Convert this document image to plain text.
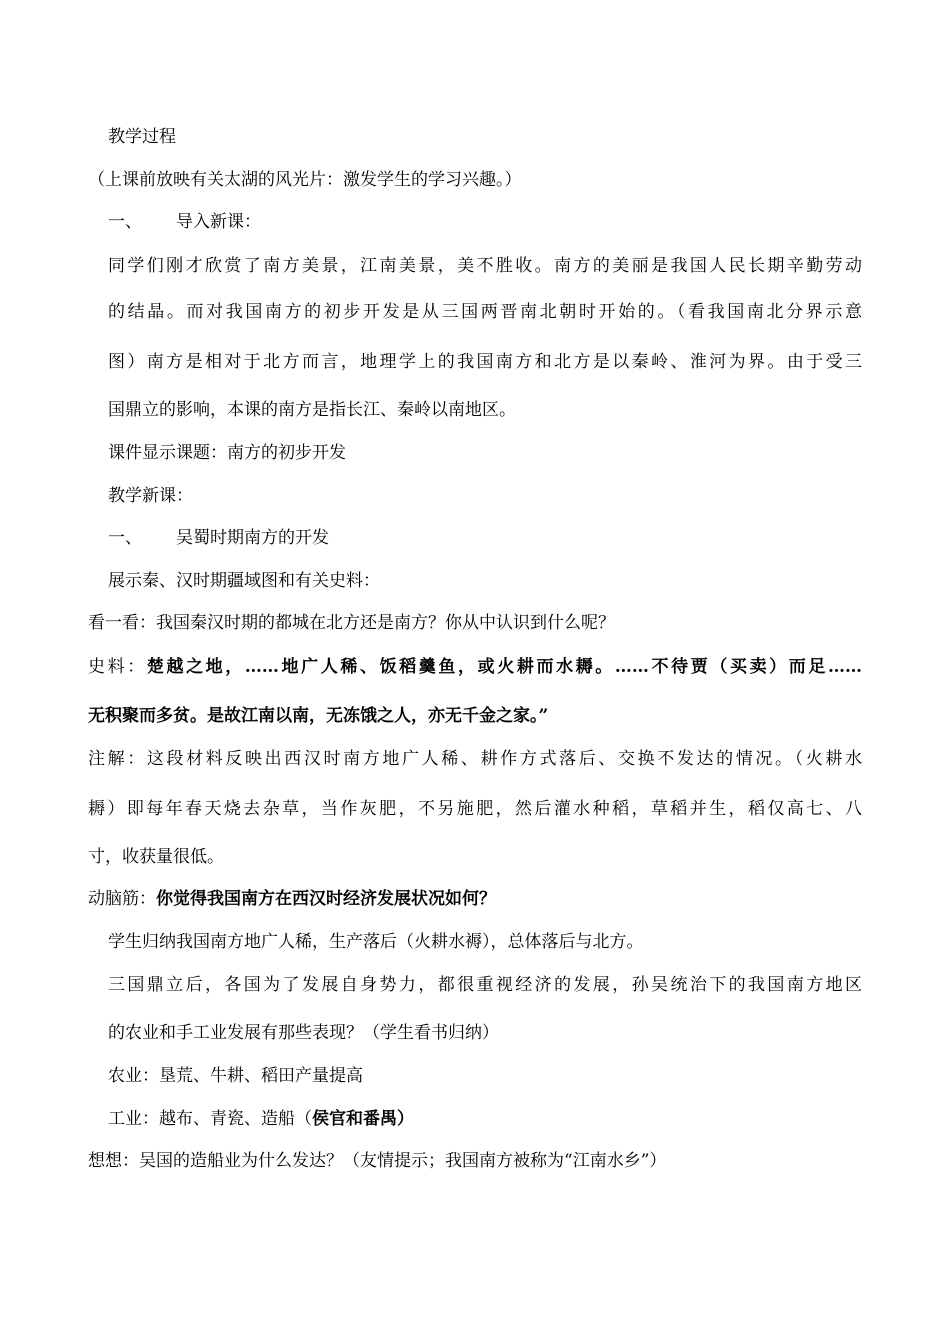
教学过程
（上课前放映有关太湖的风光片：激发学生的学习兴趣。）
一、 导入新课：
同学们刚才欣赏了南方美景，江南美景，美不胜收。南方的美丽是我国人民长期辛勤劳动
的结晶。而对我国南方的初步开发是从三国两晋南北朝时开始的。（看我国南北分界示意
图）南方是相对于北方而言，地理学上的我国南方和北方是以秦岭、淮河为界。由于受三
国鼎立的影响，本课的南方是指长江、秦岭以南地区。
课件显示课题：南方的初步开发
教学新课：
一、 吴蜀时期南方的开发
展示秦、汉时期疆域图和有关史料：
看一看：我国秦汉时期的都城在北方还是南方？你从中认识到什么呢？
史料：楚越之地，……地广人稀、饭稻羹鱼，或火耕而水耨。……不待贾（买卖）而足……
无积聚而多贫。是故江南以南，无冻饿之人，亦无千金之家。”
注解：这段材料反映出西汉时南方地广人稀、耕作方式落后、交换不发达的情况。（火耕水
耨）即每年春天烧去杂草，当作灰肥，不另施肥，然后灌水种稻，草稻并生，稻仅高七、八
寸，收获量很低。
动脑筋：你觉得我国南方在西汉时经济发展状况如何？
学生归纳我国南方地广人稀，生产落后（火耕水褥），总体落后与北方。
三国鼎立后，各国为了发展自身势力，都很重视经济的发展，孙吴统治下的我国南方地区
的农业和手工业发展有那些表现？（学生看书归纳）
农业：垦荒、牛耕、稻田产量提高
工业：越布、青瓷、造船（侯官和番禺）
想想：吴国的造船业为什么发达？（友情提示；我国南方被称为“江南水乡”）
